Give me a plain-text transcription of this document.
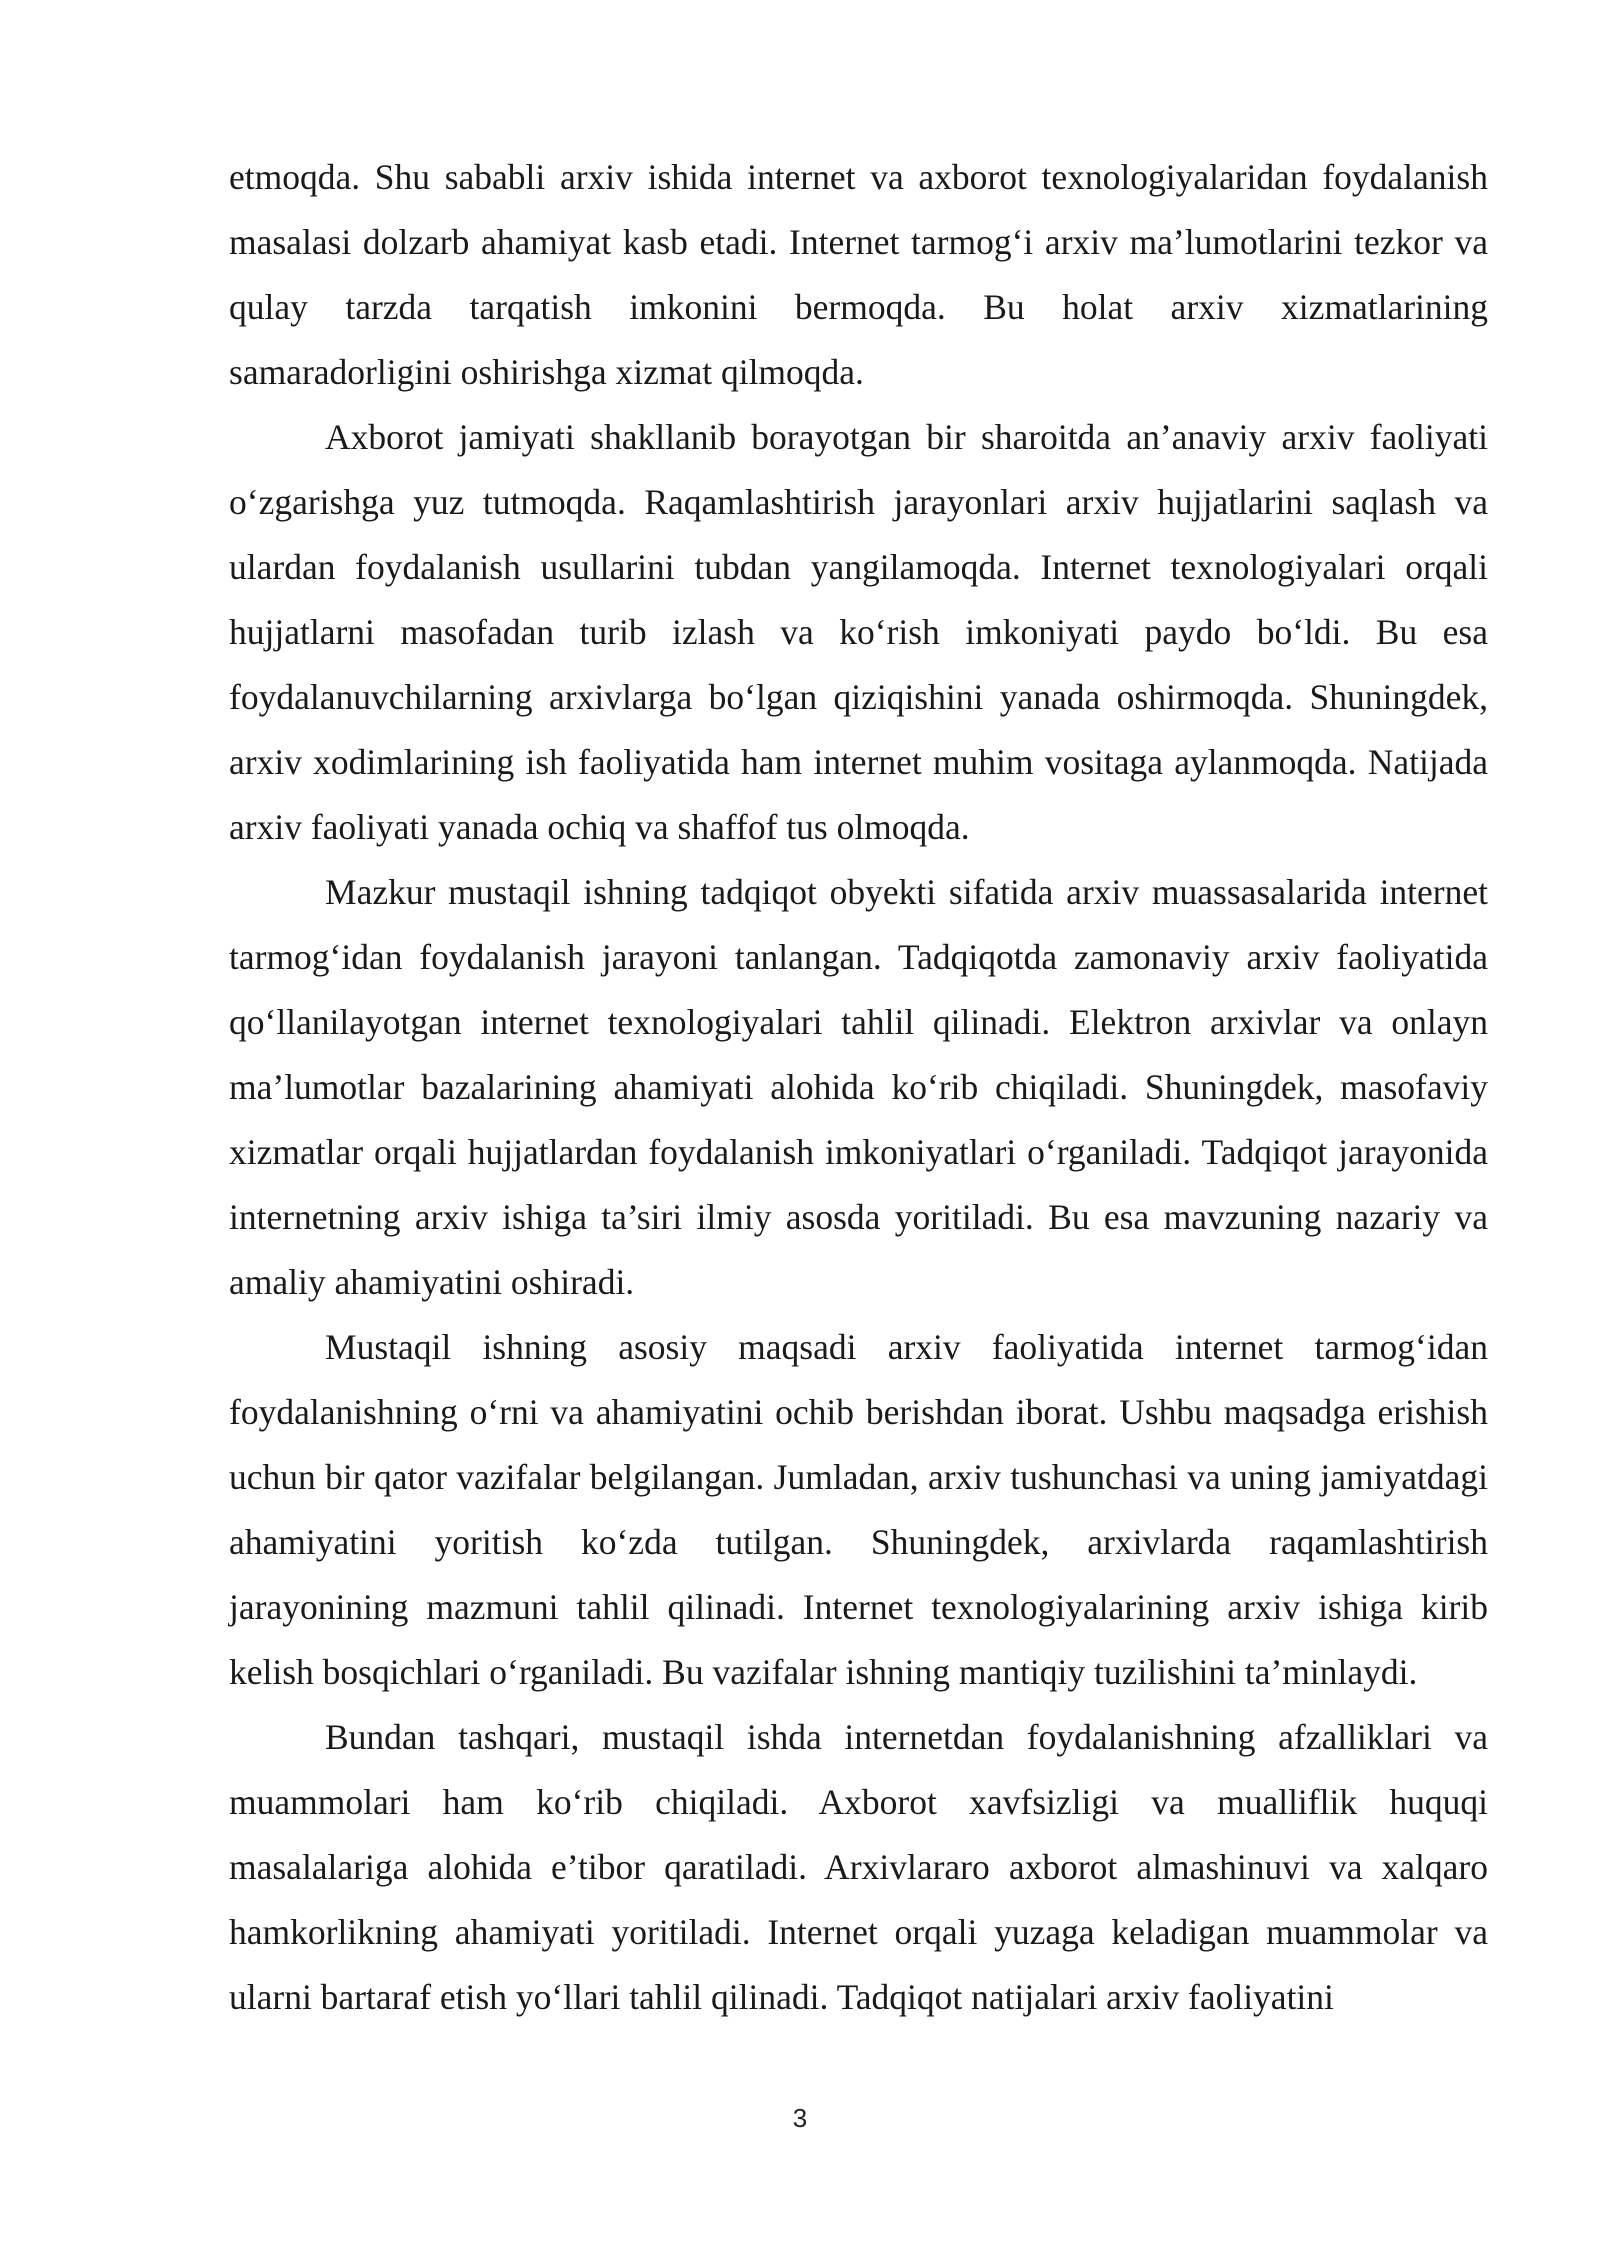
etmoqda. Shu sababli arxiv ishida internet va axborot texnologiyalaridan foydalanish masalasi dolzarb ahamiyat kasb etadi. Internet tarmog‘i arxiv ma’lumotlarini tezkor va qulay tarzda tarqatish imkonini bermoqda. Bu holat arxiv xizmatlarining samaradorligini oshirishga xizmat qilmoqda.

Axborot jamiyati shakllanib borayotgan bir sharoitda an’anaviy arxiv faoliyati o‘zgarishga yuz tutmoqda. Raqamlashtirish jarayonlari arxiv hujjatlarini saqlash va ulardan foydalanish usullarini tubdan yangilamoqda. Internet texnologiyalari orqali hujjatlarni masofadan turib izlash va ko‘rish imkoniyati paydo bo‘ldi. Bu esa foydalanuvchilarning arxivlarga bo‘lgan qiziqishini yanada oshirmoqda. Shuningdek, arxiv xodimlarining ish faoliyatida ham internet muhim vositaga aylanmoqda. Natijada arxiv faoliyati yanada ochiq va shaffof tus olmoqda.

Mazkur mustaqil ishning tadqiqot obyekti sifatida arxiv muassasalarida internet tarmog‘idan foydalanish jarayoni tanlangan. Tadqiqotda zamonaviy arxiv faoliyatida qo‘llanilayotgan internet texnologiyalari tahlil qilinadi. Elektron arxivlar va onlayn ma’lumotlar bazalarining ahamiyati alohida ko‘rib chiqiladi. Shuningdek, masofaviy xizmatlar orqali hujjatlardan foydalanish imkoniyatlari o‘rganiladi. Tadqiqot jarayonida internetning arxiv ishiga ta’siri ilmiy asosda yoritiladi. Bu esa mavzuning nazariy va amaliy ahamiyatini oshiradi.

Mustaqil ishning asosiy maqsadi arxiv faoliyatida internet tarmog‘idan foydalanishning o‘rni va ahamiyatini ochib berishdan iborat. Ushbu maqsadga erishish uchun bir qator vazifalar belgilangan. Jumladan, arxiv tushunchasi va uning jamiyatdagi ahamiyatini yoritish ko‘zda tutilgan. Shuningdek, arxivlarda raqamlashtirish jarayonining mazmuni tahlil qilinadi. Internet texnologiyalarining arxiv ishiga kirib kelish bosqichlari o‘rganiladi. Bu vazifalar ishning mantiqiy tuzilishini ta’minlaydi.

Bundan tashqari, mustaqil ishda internetdan foydalanishning afzalliklari va muammolari ham ko‘rib chiqiladi. Axborot xavfsizligi va mualliflik huquqi masalalariga alohida e’tibor qaratiladi. Arxivlararo axborot almashinuvi va xalqaro hamkorlikning ahamiyati yoritiladi. Internet orqali yuzaga keladigan muammolar va ularni bartaraf etish yo‘llari tahlil qilinadi. Tadqiqot natijalari arxiv faoliyatini

3
